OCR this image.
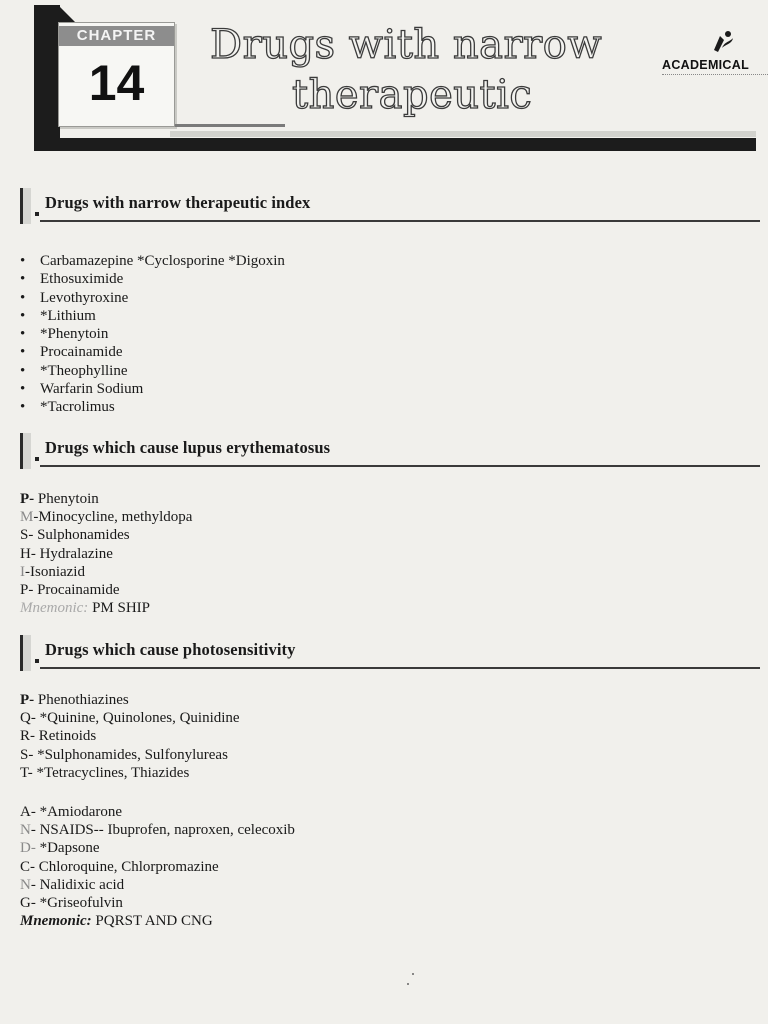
CHAPTER
14
Drugs with narrow
therapeutic
ACADEMICAL
Drugs with narrow therapeutic index
• Carbamazepine *Cyclosporine *Digoxin
• Ethosuximide
• Levothyroxine
• *Lithium
• *Phenytoin
• Procainamide
• *Theophylline
• Warfarin Sodium
• *Tacrolimus
Drugs which cause lupus erythematosus
P- Phenytoin
M-Minocycline, methyldopa
S- Sulphonamides
H- Hydralazine
I-Isoniazid
P- Procainamide
Mnemonic: PM SHIP
Drugs which cause photosensitivity
P- Phenothiazines
Q- *Quinine, Quinolones, Quinidine
R- Retinoids
S- *Sulphonamides, Sulfonylureas
T- *Tetracyclines, Thiazides
A- *Amiodarone
N- NSAIDS-- Ibuprofen, naproxen, celecoxib
D- *Dapsone
C- Chloroquine, Chlorpromazine
N- Nalidixic acid
G- *Griseofulvin
Mnemonic: PQRST AND CNG
